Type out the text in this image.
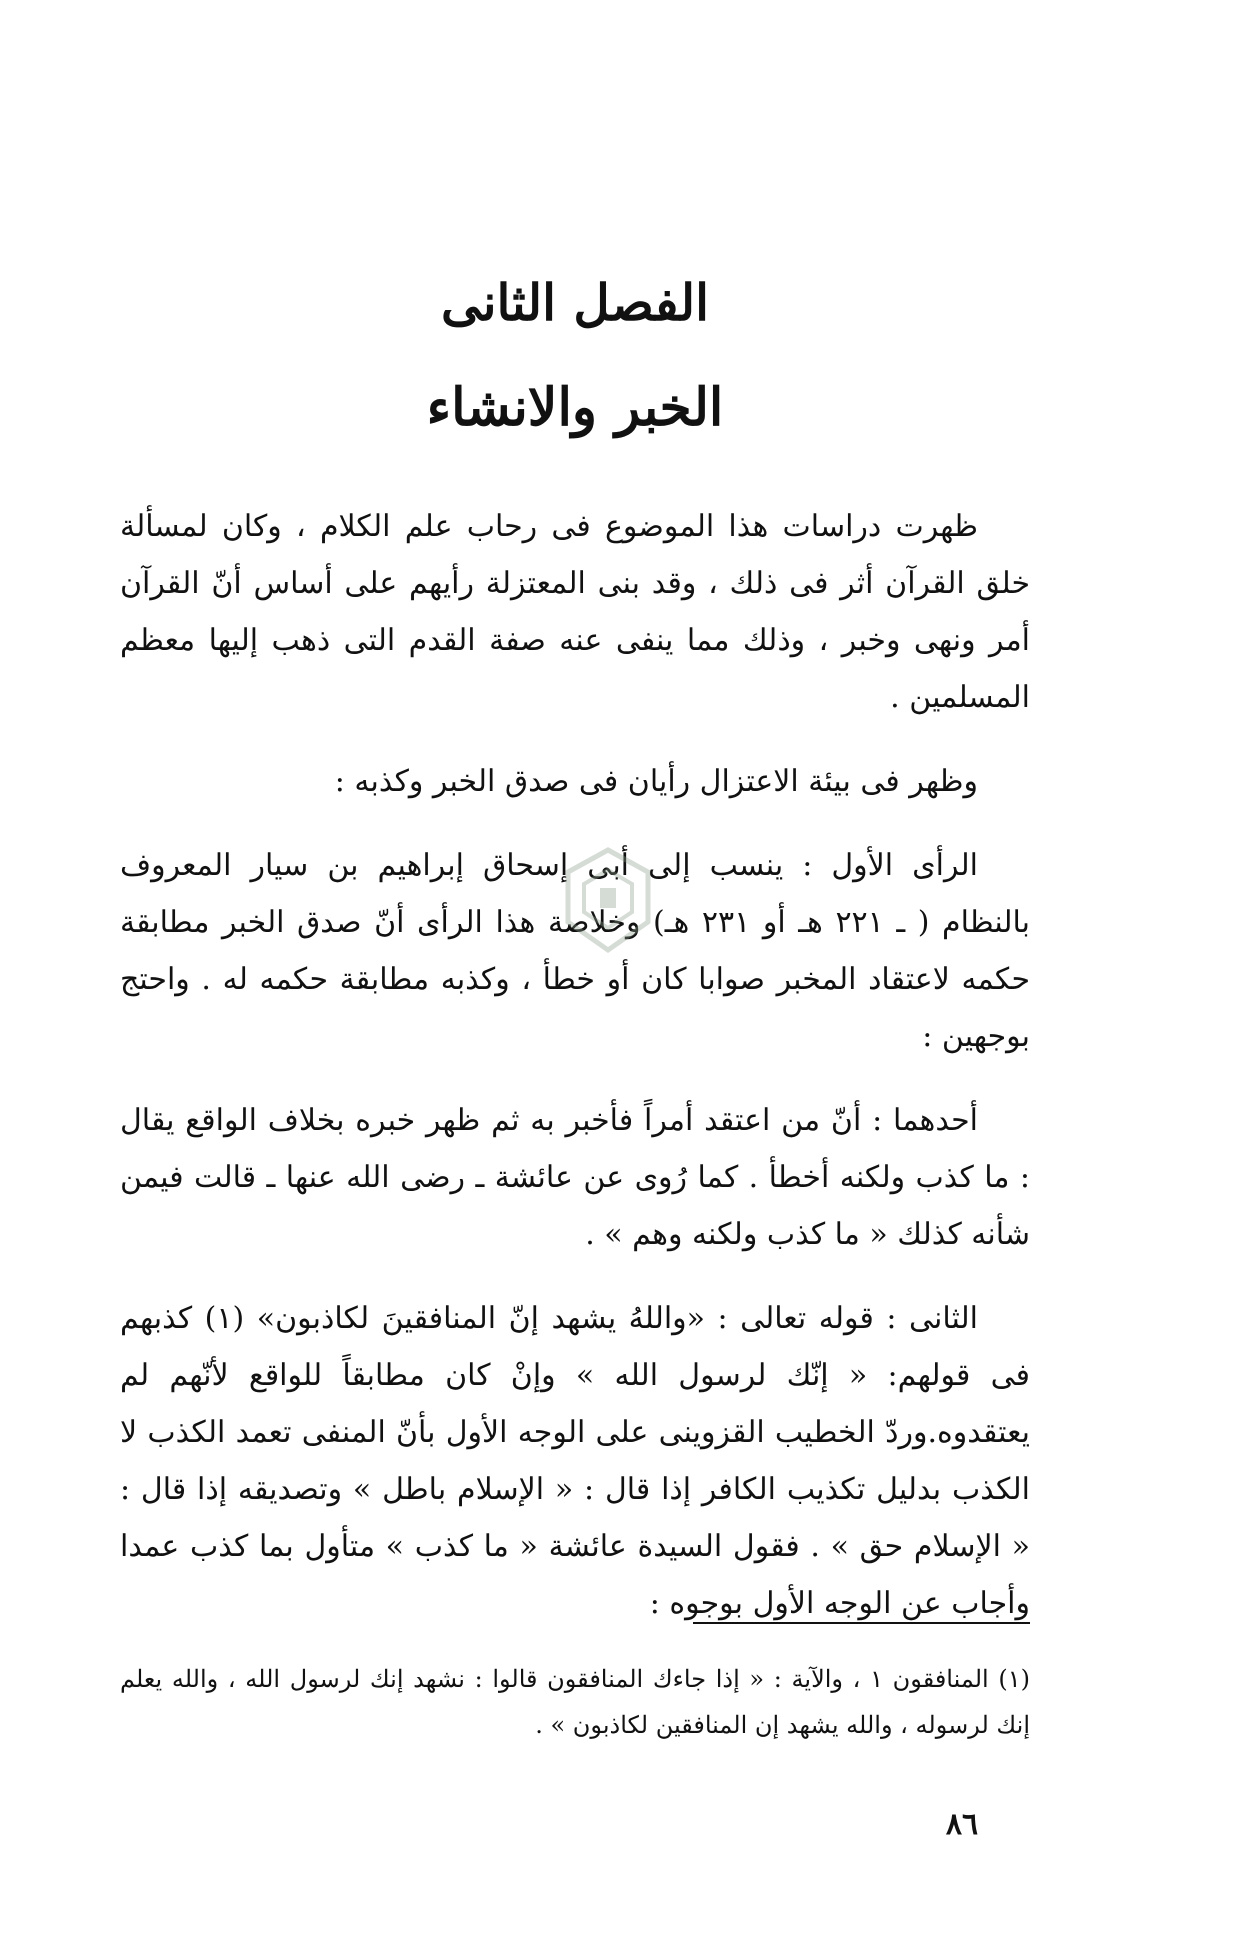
الفصل الثانى
الخبر والانشاء

ظهرت دراسات هذا الموضوع فى رحاب علم الكلام ، وكان لمسألة خلق القرآن أثر فى ذلك ، وقد بنى المعتزلة رأيهم على أساس أنّ القرآن أمر ونهى وخبر ، وذلك مما ينفى عنه صفة القدم التى ذهب إليها معظم المسلمين .

وظهر فى بيئة الاعتزال رأيان فى صدق الخبر وكذبه :

الرأى الأول : ينسب إلى أبى إسحاق إبراهيم بن سيار المعروف بالنظام ( ـ ٢٢١ هـ أو ٢٣١ هـ) وخلاصة هذا الرأى أنّ صدق الخبر مطابقة حكمه لاعتقاد المخبر صوابا كان أو خطأ ، وكذبه مطابقة حكمه له . واحتج بوجهين :

أحدهما : أنّ من اعتقد أمراً فأخبر به ثم ظهر خبره بخلاف الواقع يقال : ما كذب ولكنه أخطأ . كما رُوى عن عائشة ـ رضى الله عنها ـ قالت فيمن شأنه كذلك « ما كذب ولكنه وهم » .

الثانى : قوله تعالى : «واللهُ يشهد إنّ المنافقينَ لكاذبون» (١) كذبهم فى قولهم: « إنّك لرسول الله » وإنْ كان مطابقاً للواقع لأنّهم لم يعتقدوه.وردّ الخطيب القزوينى على الوجه الأول بأنّ المنفى تعمد الكذب لا الكذب بدليل تكذيب الكافر إذا قال : « الإسلام باطل » وتصديقه إذا قال : « الإسلام حق » . فقول السيدة عائشة « ما كذب » متأول بما كذب عمدا وأجاب عن الوجه الأول بوجوه :

(١) المنافقون ١ ، والآية : « إذا جاءك المنافقون قالوا : نشهد إنك لرسول الله ، والله يعلم إنك لرسوله ، والله يشهد إن المنافقين لكاذبون » .

٨٦
